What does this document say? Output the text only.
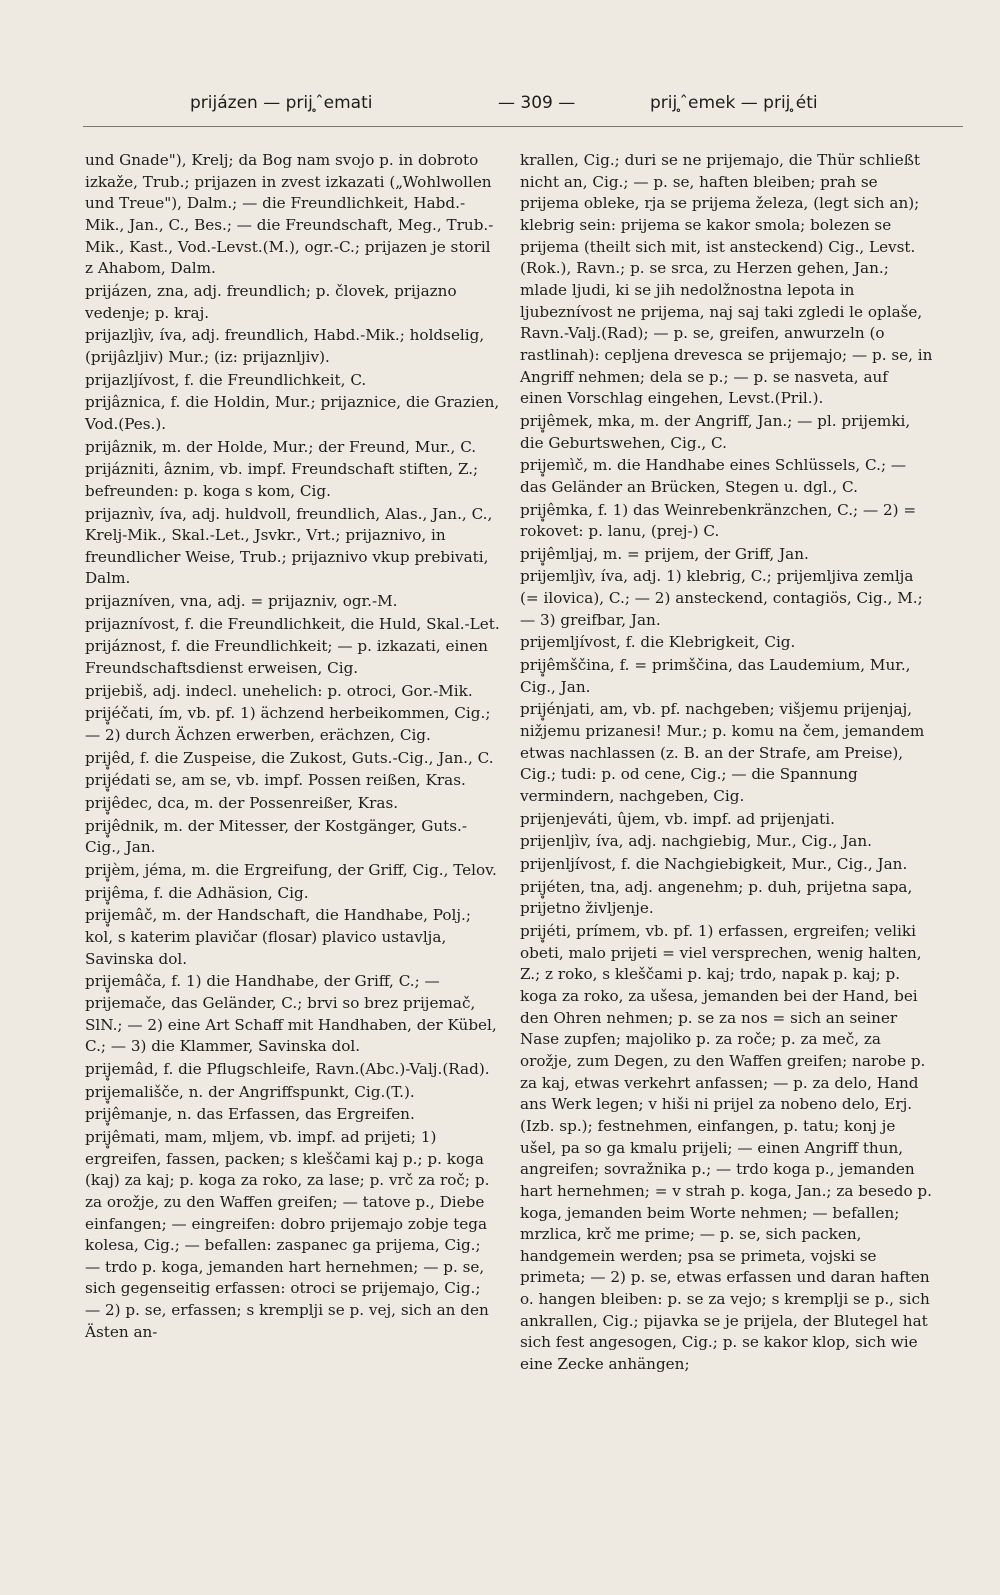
prijázen — prij ̥ ̂emati	— 309 —	prij ̥ ̂emek — prij ̥éti
und Gnade"), Krelj; da Bog nam svojo p. in dobroto izkaže, Trub.; prijazen in zvest izkazati („Wohlwollen und Treue"), Dalm.; — die Freundlichkeit, Habd.-Mik., Jan., C., Bes.; — die Freundschaft, Meg., Trub.-Mik., Kast., Vod.-Levst.(M.), ogr.-C.; prijazen je storil z Ahabom, Dalm.
prijázen, zna, adj. freundlich; p. človek, prijazno vedenje; p. kraj.
prijazljìv, íva, adj. freundlich, Habd.-Mik.; holdselig, (prijâzljiv) Mur.; (iz: prijaznljiv).
prijazljívost, f. die Freundlichkeit, C.
prijâznica, f. die Holdin, Mur.; prijaznice, die Grazien, Vod.(Pes.).
prijâznik, m. der Holde, Mur.; der Freund, Mur., C.
prijázniti, âznim, vb. impf. Freundschaft stiften, Z.; befreunden: p. koga s kom, Cig.
prijaznìv, íva, adj. huldvoll, freundlich, Alas., Jan., C., Krelj-Mik., Skal.-Let., Jsvkr., Vrt.; prijaznivo, in freundlicher Weise, Trub.; prijaznivo vkup prebivati, Dalm.
prijazníven, vna, adj. = prijazniv, ogr.-M.
prijaznívost, f. die Freundlichkeit, die Huld, Skal.-Let.
prijáznost, f. die Freundlichkeit; — p. izkazati, einen Freundschaftsdienst erweisen, Cig.
prijebiš, adj. indecl. unehelich: p. otroci, Gor.-Mik.
prij̥éčati, ím, vb. pf. 1) ächzend herbeikommen, Cig.; — 2) durch Ächzen erwerben, erächzen, Cig.
prij̥êd, f. die Zuspeise, die Zukost, Guts.-Cig., Jan., C.
prij̥édati se, am se, vb. impf. Possen reißen, Kras.
prij̥êdec, dca, m. der Possenreißer, Kras.
prij̥êdnik, m. der Mitesser, der Kostgänger, Guts.-Cig., Jan.
prij̥èm, jéma, m. die Ergreifung, der Griff, Cig., Telov.
prij̥êma, f. die Adhäsion, Cig.
prij̥emâč, m. der Handschaft, die Handhabe, Polj.; kol, s katerim plavičar (flosar) plavico ustavlja, Savinska dol.
prij̥emâča, f. 1) die Handhabe, der Griff, C.; — prijemače, das Geländer, C.; brvi so brez prijemač, SlN.; — 2) eine Art Schaff mit Handhaben, der Kübel, C.; — 3) die Klammer, Savinska dol.
prij̥emâd, f. die Pflugschleife, Ravn.(Abc.)-Valj.(Rad).
prij̥emališče, n. der Angriffspunkt, Cig.(T.).
prij̥êmanje, n. das Erfassen, das Ergreifen.
prij̥êmati, mam, mljem, vb. impf. ad prijeti; 1) ergreifen, fassen, packen; s kleščami kaj p.; p. koga (kaj) za kaj; p. koga za roko, za lase; p. vrč za roč; p. za orožje, zu den Waffen greifen; — tatove p., Diebe einfangen; — eingreifen: dobro prijemajo zobje tega kolesa, Cig.; — befallen: zaspanec ga prijema, Cig.; — trdo p. koga, jemanden hart hernehmen; — p. se, sich gegenseitig erfassen: otroci se prijemajo, Cig.; — 2) p. se, erfassen; s kremplji se p. vej, sich an den Ästen an-
krallen, Cig.; duri se ne prijemajo, die Thür schließt nicht an, Cig.; — p. se, haften bleiben; prah se prijema obleke, rja se prijema železa, (legt sich an); klebrig sein: prijema se kakor smola; bolezen se prijema (theilt sich mit, ist ansteckend) Cig., Levst.(Rok.), Ravn.; p. se srca, zu Herzen gehen, Jan.; mlade ljudi, ki se jih nedolžnostna lepota in ljubeznívost ne prijema, naj saj taki zgledi le oplaše, Ravn.-Valj.(Rad); — p. se, greifen, anwurzeln (o rastlinah): cepljena drevesca se prijemajo; — p. se, in Angriff nehmen; dela se p.; — p. se nasveta, auf einen Vorschlag eingehen, Levst.(Pril.).
prij̥êmek, mka, m. der Angriff, Jan.; — pl. prijemki, die Geburtswehen, Cig., C.
prij̥emìč, m. die Handhabe eines Schlüssels, C.; — das Geländer an Brücken, Stegen u. dgl., C.
prij̥êmka, f. 1) das Weinrebenkränzchen, C.; — 2) = rokovet: p. lanu, (prej-) C.
prij̥êmljaj, m. = prijem, der Griff, Jan.
prijemljìv, íva, adj. 1) klebrig, C.; prijemljiva zemlja (= ilovica), C.; — 2) ansteckend, contagiös, Cig., M.; — 3) greifbar, Jan.
prijemljívost, f. die Klebrigkeit, Cig.
prij̥êmščina, f. = primščina, das Laudemium, Mur., Cig., Jan.
prij̥énjati, am, vb. pf. nachgeben; višjemu prijenjaj, nižjemu prizanesi! Mur.; p. komu na čem, jemandem etwas nachlassen (z. B. an der Strafe, am Preise), Cig.; tudi: p. od cene, Cig.; — die Spannung vermindern, nachgeben, Cig.
prijenjeváti, ûjem, vb. impf. ad prijenjati.
prijenljìv, íva, adj. nachgiebig, Mur., Cig., Jan.
prijenljívost, f. die Nachgiebigkeit, Mur., Cig., Jan.
prij̥éten, tna, adj. angenehm; p. duh, prijetna sapa, prijetno življenje.
prij̥éti, prímem, vb. pf. 1) erfassen, ergreifen; veliki obeti, malo prijeti = viel versprechen, wenig halten, Z.; z roko, s kleščami p. kaj; trdo, napak p. kaj; p. koga za roko, za ušesa, jemanden bei der Hand, bei den Ohren nehmen; p. se za nos = sich an seiner Nase zupfen; majoliko p. za roče; p. za meč, za orožje, zum Degen, zu den Waffen greifen; narobe p. za kaj, etwas verkehrt anfassen; — p. za delo, Hand ans Werk legen; v hiši ni prijel za nobeno delo, Erj.(Izb. sp.); festnehmen, einfangen, p. tatu; konj je ušel, pa so ga kmalu prijeli; — einen Angriff thun, angreifen; sovražnika p.; — trdo koga p., jemanden hart hernehmen; = v strah p. koga, Jan.; za besedo p. koga, jemanden beim Worte nehmen; — befallen; mrzlica, krč me prime; — p. se, sich packen, handgemein werden; psa se primeta, vojski se primeta; — 2) p. se, etwas erfassen und daran haften o. hangen bleiben: p. se za vejo; s kremplji se p., sich ankrallen, Cig.; pijavka se je prijela, der Blutegel hat sich fest angesogen, Cig.; p. se kakor klop, sich wie eine Zecke anhängen;
